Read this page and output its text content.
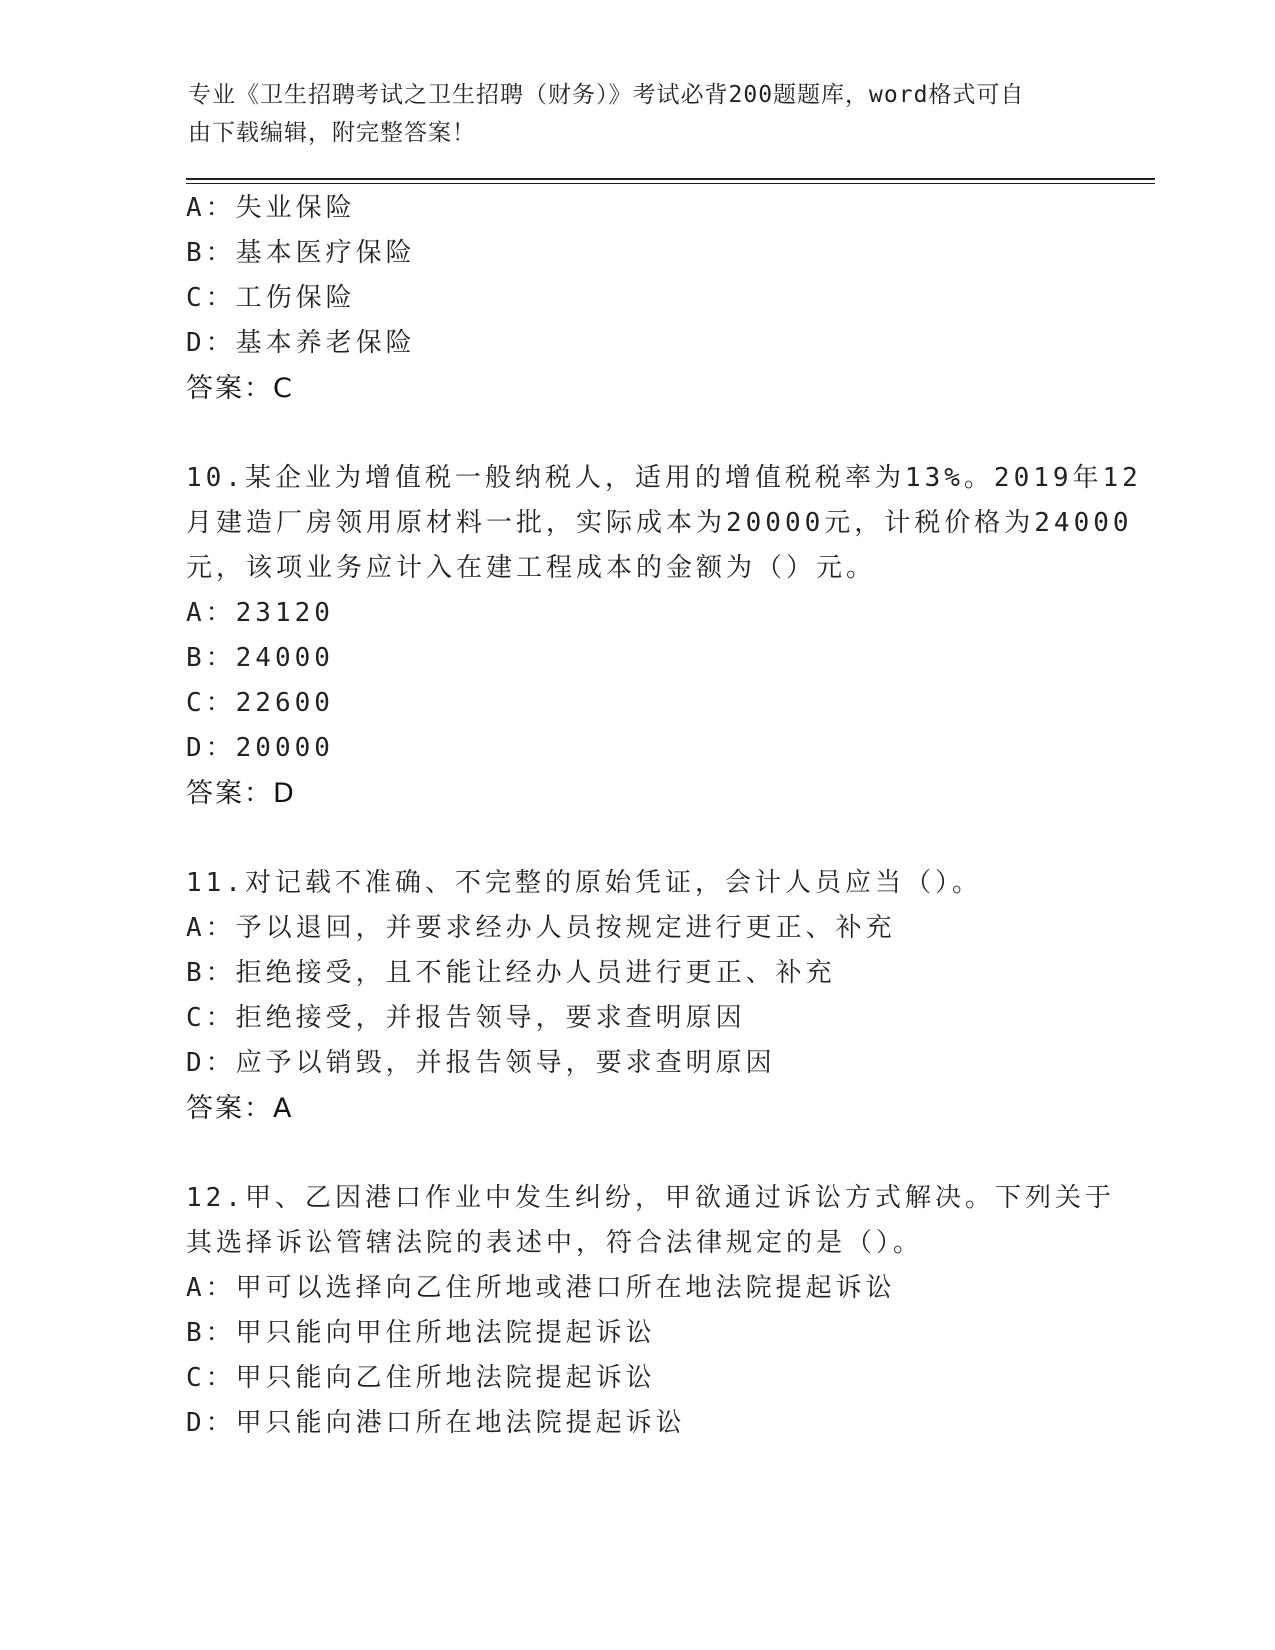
专业《卫生招聘考试之卫生招聘（财务）》考试必背200题题库，word格式可自
由下载编辑，附完整答案！
A：失业保险
B：基本医疗保险
C：工伤保险
D：基本养老保险
答案：C
10.某企业为增值税一般纳税人，适用的增值税税率为13%。2019年12
月建造厂房领用原材料一批，实际成本为20000元，计税价格为24000
元，该项业务应计入在建工程成本的金额为（）元。
A：23120
B：24000
C：22600
D：20000
答案：D
11.对记载不准确、不完整的原始凭证，会计人员应当（）。
A：予以退回，并要求经办人员按规定进行更正、补充
B：拒绝接受，且不能让经办人员进行更正、补充
C：拒绝接受，并报告领导，要求查明原因
D：应予以销毁，并报告领导，要求查明原因
答案：A
12.甲、乙因港口作业中发生纠纷，甲欲通过诉讼方式解决。下列关于
其选择诉讼管辖法院的表述中，符合法律规定的是（）。
A：甲可以选择向乙住所地或港口所在地法院提起诉讼
B：甲只能向甲住所地法院提起诉讼
C：甲只能向乙住所地法院提起诉讼
D：甲只能向港口所在地法院提起诉讼
